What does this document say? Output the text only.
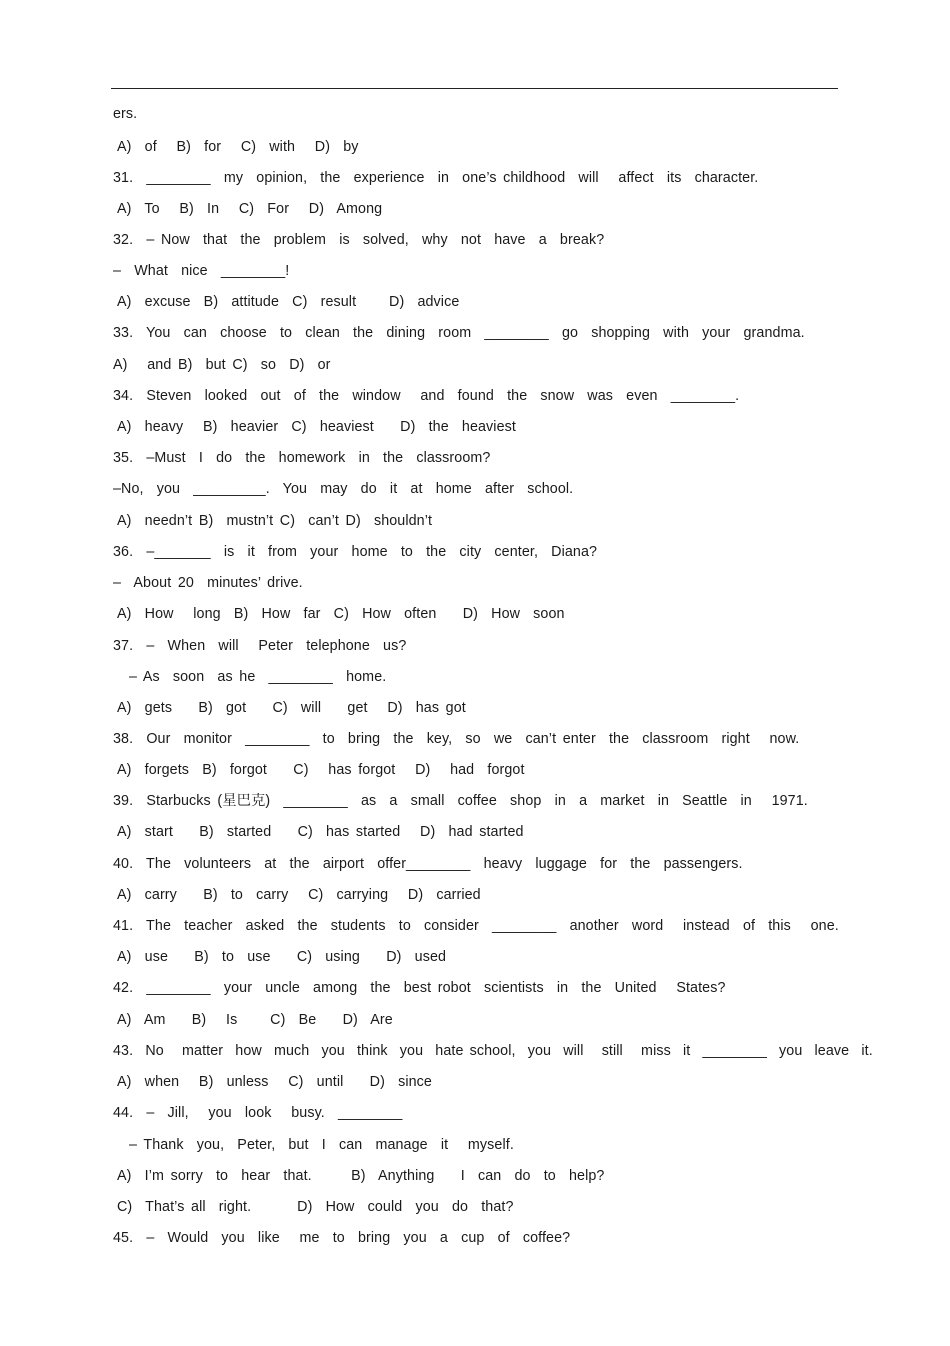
ers.
A)  of   B)  for   C)  with   D)  by
31.  ________  my  opinion,  the  experience  in  one’s childhood  will   affect  its  character.
A)  To   B)  In   C)  For   D)  Among
32.  – Now  that  the  problem  is  solved,  why  not  have  a  break?
–  What  nice  ________!
A)  excuse  B)  attitude  C)  result     D)  advice
33.  You  can  choose  to  clean  the  dining  room  ________  go  shopping  with  your  grandma.
A)   and B)  but C)  so  D)  or
34.  Steven  looked  out  of  the  window   and  found  the  snow  was  even  ________.
A)  heavy   B)  heavier  C)  heaviest    D)  the  heaviest
35.  –Must  I  do  the  homework  in  the  classroom?
–No,  you  _________.  You  may  do  it  at  home  after  school.
A)  needn’t B)  mustn’t C)  can’t D)  shouldn’t
36.  –_______  is  it  from  your  home  to  the  city  center,  Diana?
–  About 20  minutes’ drive.
A)  How   long  B)  How  far  C)  How  often    D)  How  soon
37.  –  When  will   Peter  telephone  us?
– As  soon  as he  ________  home.
A)  gets    B)  got    C)  will    get   D)  has got
38.  Our  monitor  ________  to  bring  the  key,  so  we  can’t enter  the  classroom  right   now.
A)  forgets  B)  forgot    C)   has forgot   D)   had  forgot
39.  Starbucks (星巴克)  ________  as  a  small  coffee  shop  in  a  market  in  Seattle  in   1971.
A)  start    B)  started    C)  has started   D)  had started
40.  The  volunteers  at  the  airport  offer________  heavy  luggage  for  the  passengers.
A)  carry    B)  to  carry   C)  carrying   D)  carried
41.  The  teacher  asked  the  students  to  consider  ________  another  word   instead  of  this   one.
A)  use    B)  to  use    C)  using    D)  used
42.  ________  your  uncle  among  the  best robot  scientists  in  the  United   States?
A)  Am    B)   Is     C)  Be    D)  Are
43.  No   matter  how  much  you  think  you  hate school,  you  will   still   miss  it  ________  you  leave  it.
A)  when   B)  unless   C)  until    D)  since
44.  –  Jill,   you  look   busy.  ________
– Thank  you,  Peter,  but  I  can  manage  it   myself.
A)  I’m sorry  to  hear  that.      B)  Anything    I  can  do  to  help?
C)  That’s all  right.       D)  How  could  you  do  that?
45.  –  Would  you  like   me  to  bring  you  a  cup  of  coffee?
